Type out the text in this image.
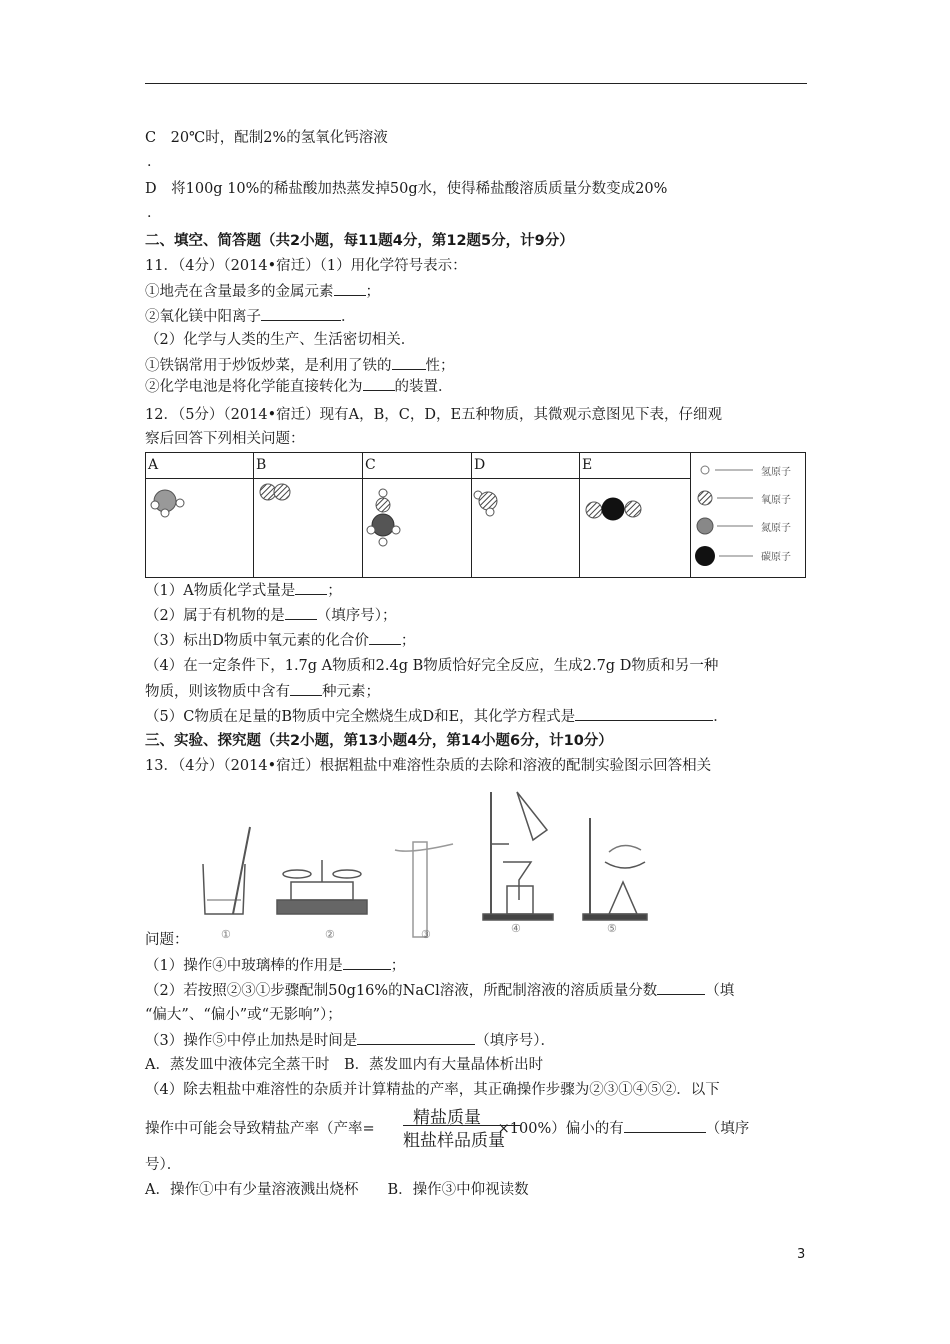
C　20℃时，配制2%的氢氧化钙溶液
.
D　将100g 10%的稀盐酸加热蒸发掉50g水，使得稀盐酸溶质质量分数变成20%
.
二、填空、简答题（共2小题，每11题4分，第12题5分，计9分）
11．（4分）（2014•宿迁）（1）用化学符号表示：
①地壳在含量最多的金属元素 ；
②氧化镁中阳离子	．
（2）化学与人类的生产、生活密切相关．
①铁锅常用于炒饭炒菜，是利用了铁的 性；
②化学电池是将化学能直接转化为 的装置．
12．（5分）（2014•宿迁）现有A，B，C，D，E五种物质，其微观示意图见下表，仔细观
察后回答下列相关问题：
A	B	C	D	E	氢原子
氧原子
氮原子
碳原子
（1）A物质化学式量是 ；
（2）属于有机物的是 （填序号）；
（3）标出D物质中氧元素的化合价 ；
（4）在一定条件下，1.7g A物质和2.4g B物质恰好完全反应，生成2.7g D物质和另一种
物质，则该物质中含有 种元素；
（5）C物质在足量的B物质中完全燃烧生成D和E，其化学方程式是	．
三、实验、探究题（共2小题，第13小题4分，第14小题6分，计10分）
13．（4分）（2014•宿迁）根据粗盐中难溶性杂质的去除和溶液的配制实验图示回答相关
①	②	③	④	⑤
问题：
（1）操作④中玻璃棒的作用是	；
（2）若按照②③①步骤配制50g16%的NaCl溶液，所配制溶液的溶质质量分数	（填
“偏大”、“偏小”或“无影响”）；
（3）操作⑤中停止加热是时间是	（填序号）．
A．蒸发皿中液体完全蒸干时　B．蒸发皿内有大量晶体析出时
（4）除去粗盐中难溶性的杂质并计算精盐的产率，其正确操作步骤为②③①④⑤②．以下
操作中可能会导致精盐产率（产率=	×100%）偏小的有	（填序
精盐质量
粗盐样品质量
号）．
A．操作①中有少量溶液溅出烧杯　　B．操作③中仰视读数
3
